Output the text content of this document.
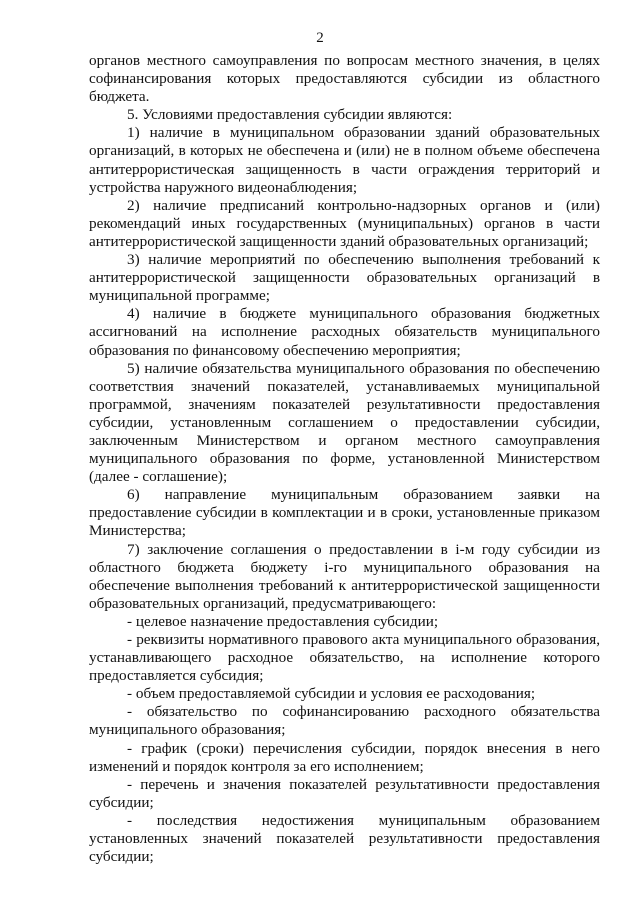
2

органов местного самоуправления по вопросам местного значения, в целях софинансирования которых предоставляются субсидии из областного бюджета.

5. Условиями предоставления субсидии являются:

1) наличие в муниципальном образовании зданий образовательных организаций, в которых не обеспечена и (или) не в полном объеме обеспечена антитеррористическая защищенность в части ограждения территорий и устройства наружного видеонаблюдения;

2) наличие предписаний контрольно-надзорных органов и (или) рекомендаций иных государственных (муниципальных) органов в части антитеррористической защищенности зданий образовательных организаций;

3) наличие мероприятий по обеспечению выполнения требований к антитеррористической защищенности образовательных организаций в муниципальной программе;

4) наличие в бюджете муниципального образования бюджетных ассигнований на исполнение расходных обязательств муниципального образования по финансовому обеспечению мероприятия;

5) наличие обязательства муниципального образования по обеспечению соответствия значений показателей, устанавливаемых муниципальной программой, значениям показателей результативности предоставления субсидии, установленным соглашением о предоставлении субсидии, заключенным Министерством и органом местного самоуправления муниципального образования по форме, установленной Министерством (далее - соглашение);

6) направление муниципальным образованием заявки на предоставление субсидии в комплектации и в сроки, установленные приказом Министерства;

7) заключение соглашения о предоставлении в i-м году субсидии из областного бюджета бюджету i-го муниципального образования на обеспечение выполнения требований к антитеррористической защищенности образовательных организаций, предусматривающего:

- целевое назначение предоставления субсидии;

- реквизиты нормативного правового акта муниципального образования, устанавливающего расходное обязательство, на исполнение которого предоставляется субсидия;

- объем предоставляемой субсидии и условия ее расходования;

- обязательство по софинансированию расходного обязательства муниципального образования;

- график (сроки) перечисления субсидии, порядок внесения в него изменений и порядок контроля за его исполнением;

- перечень и значения показателей результативности предоставления субсидии;

- последствия недостижения муниципальным образованием установленных значений показателей результативности предоставления субсидии;
